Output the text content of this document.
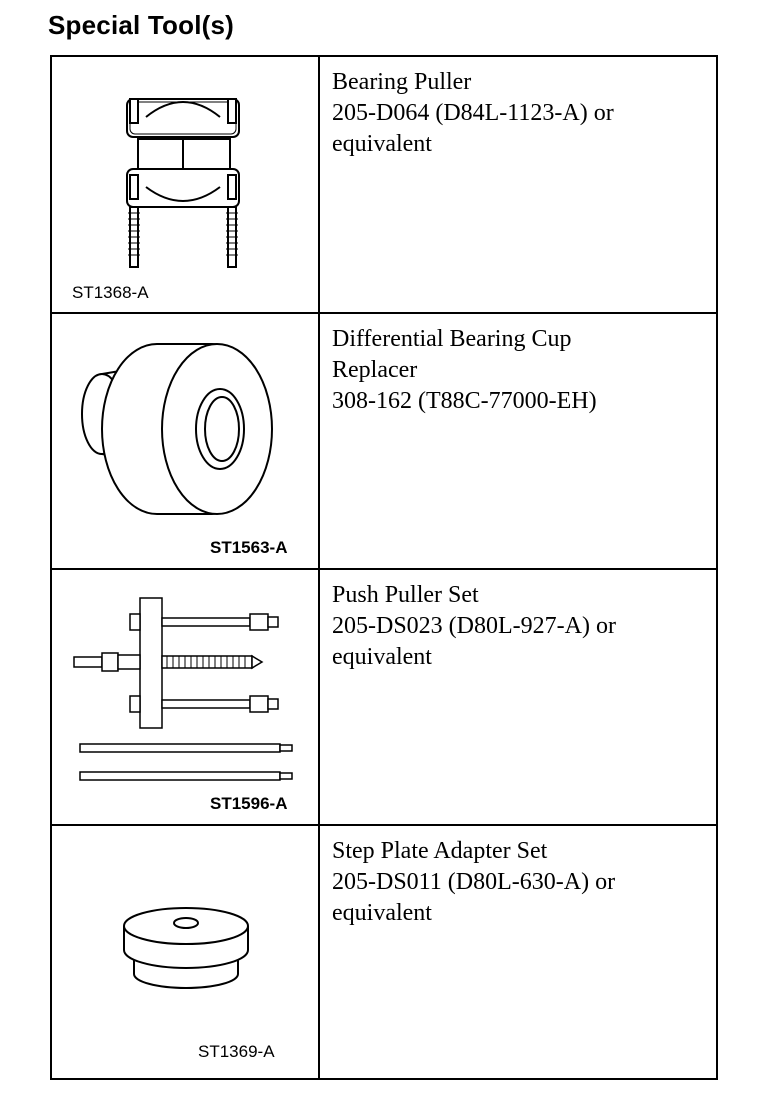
Special Tool(s)
ST1368-A
Bearing Puller
205-D064 (D84L-1123-A) or
equivalent
ST1563-A
Differential Bearing Cup
Replacer
308-162 (T88C-77000-EH)
ST1596-A
Push Puller Set
205-DS023 (D80L-927-A) or
equivalent
ST1369-A
Step Plate Adapter Set
205-DS011 (D80L-630-A) or
equivalent
